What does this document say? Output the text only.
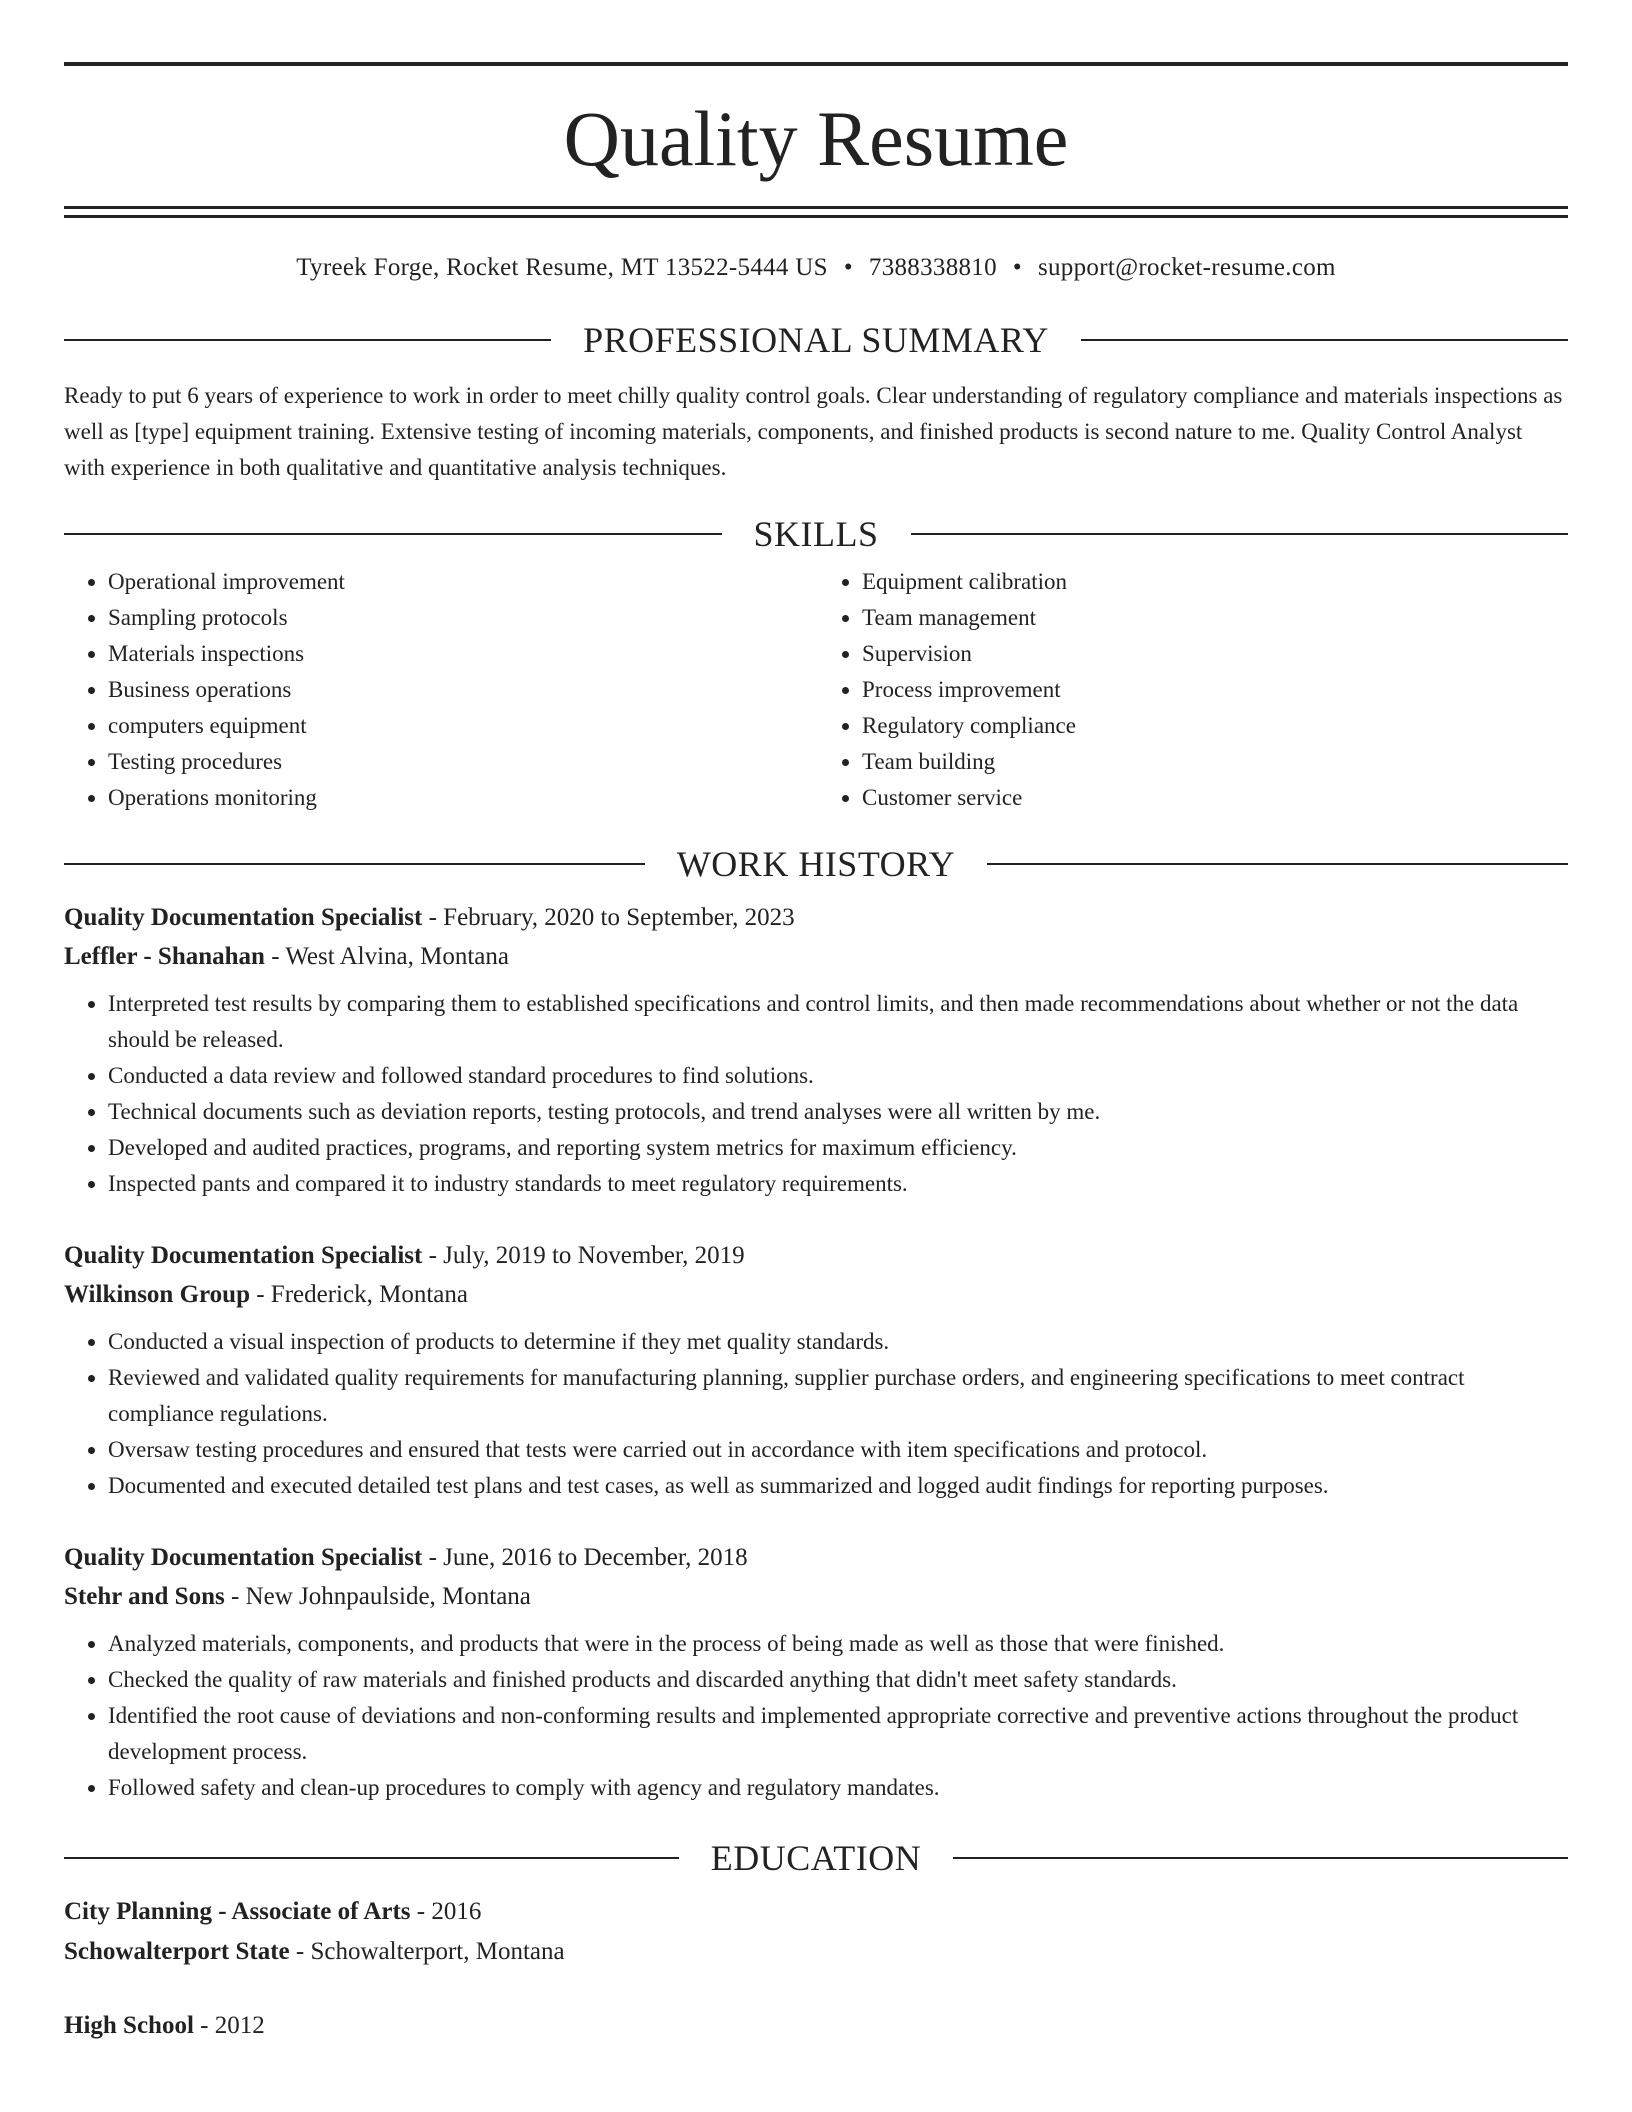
Quality Resume
Tyreek Forge, Rocket Resume, MT 13522-5444 US • 7388338810 • support@rocket-resume.com
PROFESSIONAL SUMMARY

Ready to put 6 years of experience to work in order to meet chilly quality control goals. Clear understanding of regulatory compliance and materials inspections as well as [type] equipment training. Extensive testing of incoming materials, components, and finished products is second nature to me. Quality Control Analyst with experience in both qualitative and quantitative analysis techniques.

SKILLS
• Operational improvement
• Sampling protocols
• Materials inspections
• Business operations
• computers equipment
• Testing procedures
• Operations monitoring
• Equipment calibration
• Team management
• Supervision
• Process improvement
• Regulatory compliance
• Team building
• Customer service
WORK HISTORY
Quality Documentation Specialist - February, 2020 to September, 2023
Leffler - Shanahan - West Alvina, Montana
• Interpreted test results by comparing them to established specifications and control limits, and then made recommendations about whether or not the data should be released.
• Conducted a data review and followed standard procedures to find solutions.
• Technical documents such as deviation reports, testing protocols, and trend analyses were all written by me.
• Developed and audited practices, programs, and reporting system metrics for maximum efficiency.
• Inspected pants and compared it to industry standards to meet regulatory requirements.
Quality Documentation Specialist - July, 2019 to November, 2019
Wilkinson Group - Frederick, Montana
• Conducted a visual inspection of products to determine if they met quality standards.
• Reviewed and validated quality requirements for manufacturing planning, supplier purchase orders, and engineering specifications to meet contract compliance regulations.
• Oversaw testing procedures and ensured that tests were carried out in accordance with item specifications and protocol.
• Documented and executed detailed test plans and test cases, as well as summarized and logged audit findings for reporting purposes.
Quality Documentation Specialist - June, 2016 to December, 2018
Stehr and Sons - New Johnpaulside, Montana
• Analyzed materials, components, and products that were in the process of being made as well as those that were finished.
• Checked the quality of raw materials and finished products and discarded anything that didn't meet safety standards.
• Identified the root cause of deviations and non-conforming results and implemented appropriate corrective and preventive actions throughout the product development process.
• Followed safety and clean-up procedures to comply with agency and regulatory mandates.
EDUCATION
City Planning - Associate of Arts - 2016
Schowalterport State - Schowalterport, Montana
High School - 2012
